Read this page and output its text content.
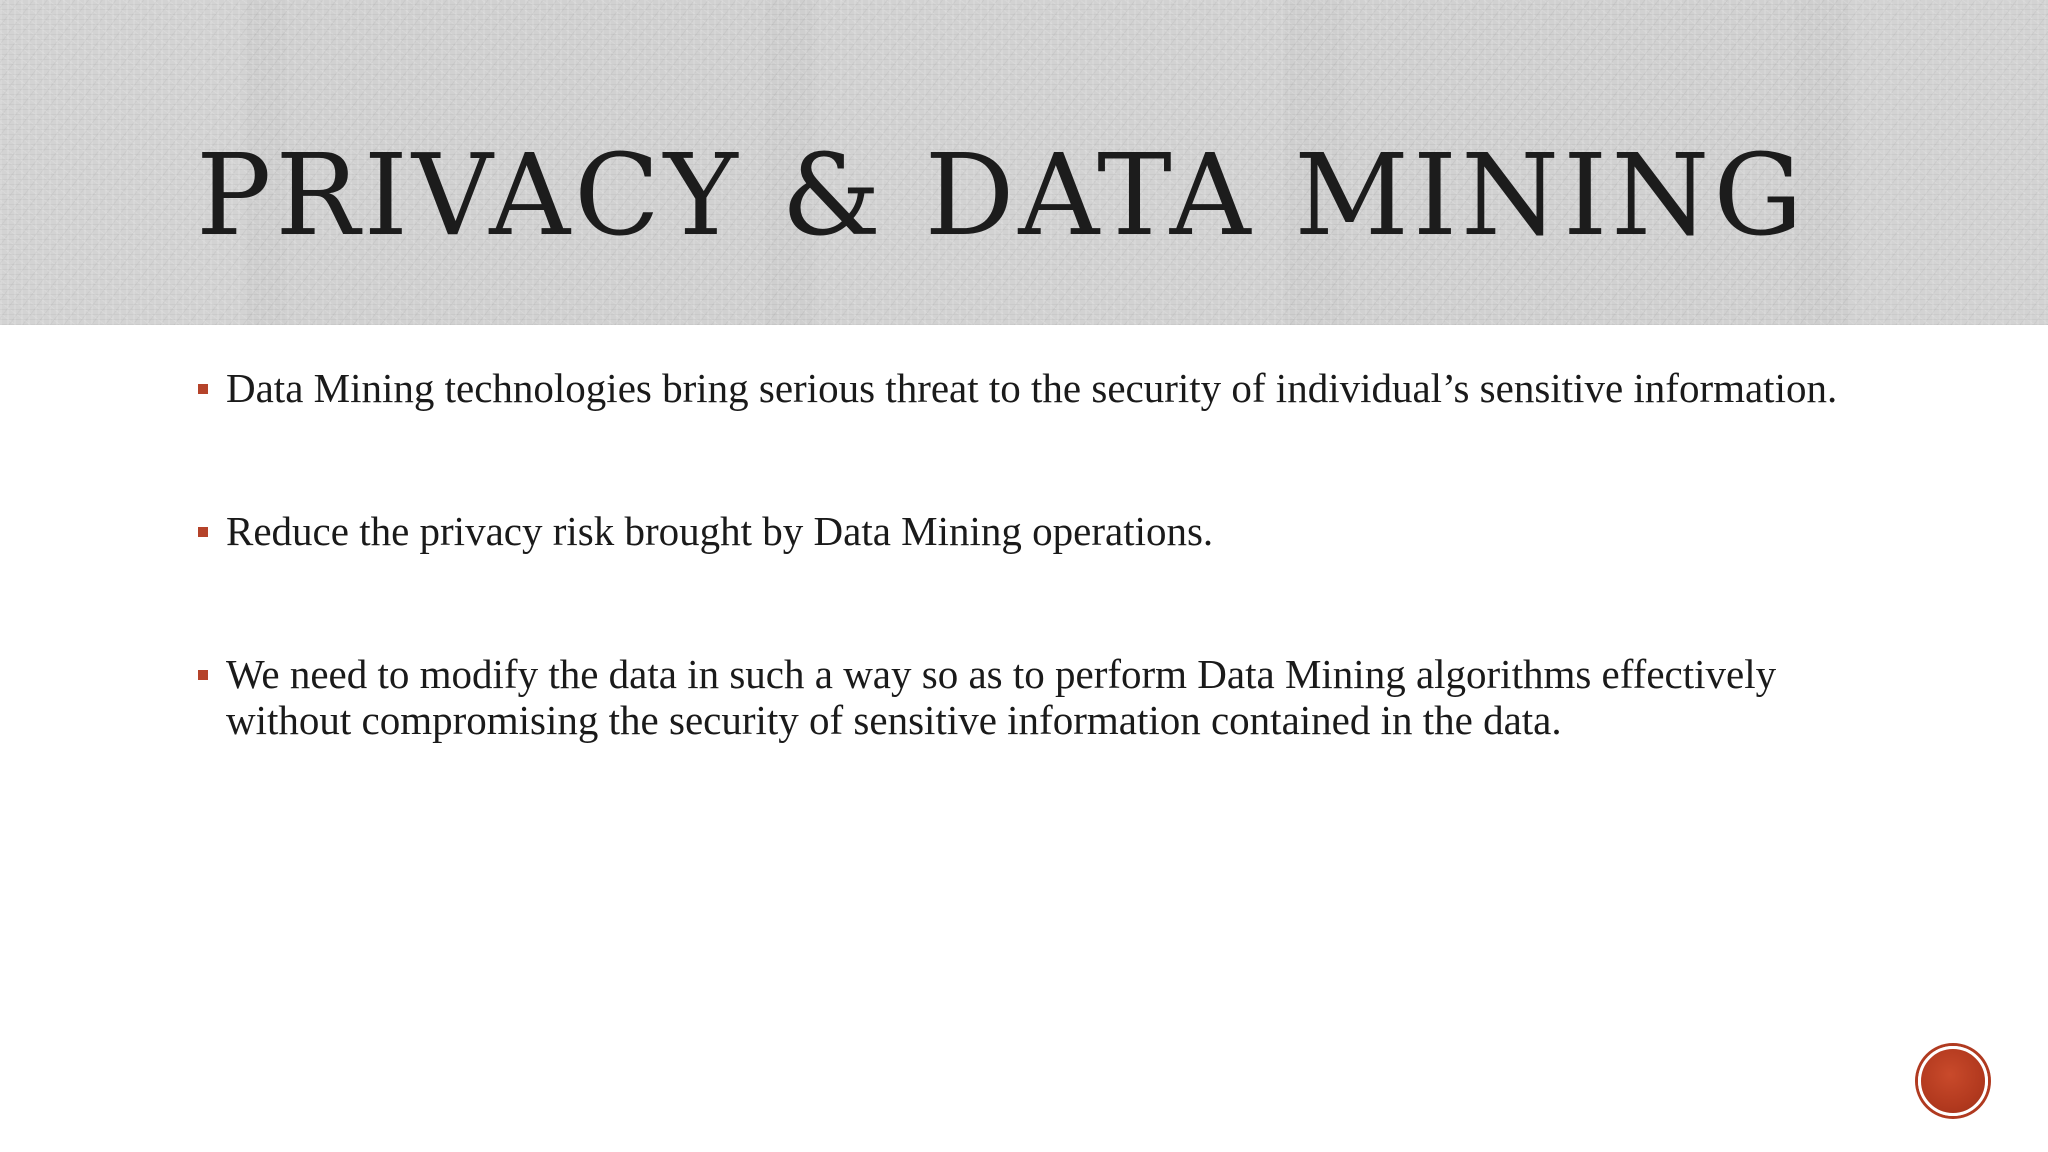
PRIVACY & DATA MINING
Data Mining technologies bring serious threat to the security of individual’s sensitive information.
Reduce the privacy risk brought by Data Mining operations.
We need to modify the data in such a way so as to perform Data Mining algorithms effectively without compromising the security of sensitive information contained in the data.
